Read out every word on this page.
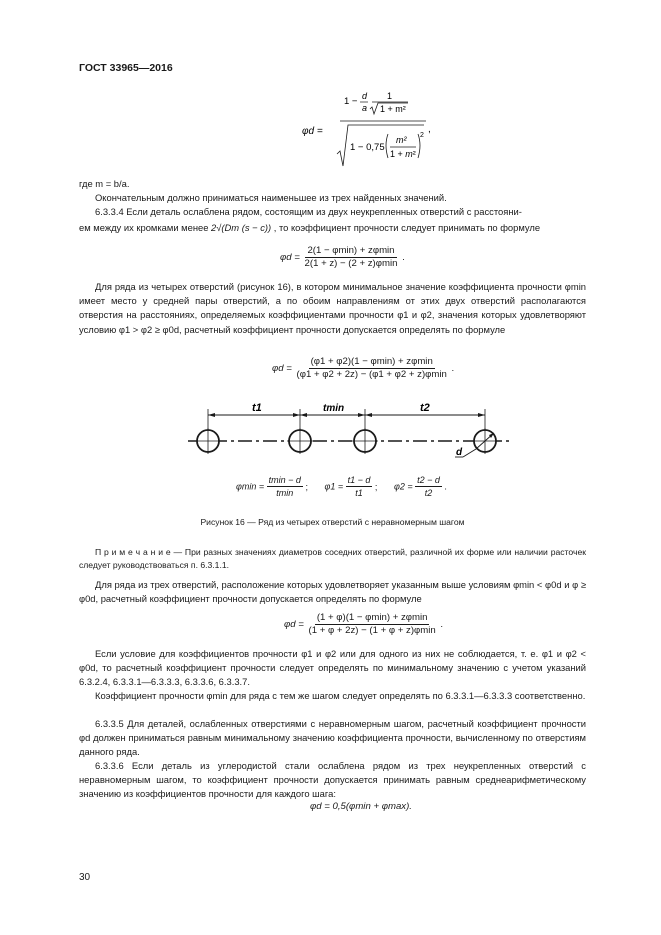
ГОСТ 33965—2016
φd =
1 − d
a
1
1 + m²
1 − 0,75
m²
1 + m²
2
,
где m = b/a.
Окончательным должно приниматься наименьшее из трех найденных значений.
6.3.3.4 Если деталь ослаблена рядом, состоящим из двух неукрепленных отверстий с расстояни-
ем между их кромками менее 2√(Dm (s − c)) , то коэффициент прочности следует принимать по формуле
$\varphi d = \frac{2(1 - \varphi\min) + z\varphi\min}{2(1 + z) - (2 + z)\varphi\min}$ .
Для ряда из четырех отверстий (рисунок 16), в котором минимальное значение коэффициента прочности φmin имеет место у средней пары отверстий, а по обоим направлениям от этих двух отверстий располагаются отверстия на расстояниях, определяемых коэффициентами прочности φ1 и φ2, значения которых удовлетворяют условию φ1 > φ2 ≥ φ0d, расчетный коэффициент прочности допускается определять по формуле
$\varphi d = \frac{(\varphi 1 + \varphi 2)(1 - \varphi\min) + z\varphi\min}{(\varphi 1 + \varphi 2 + 2z) - (\varphi 1 + \varphi 2 + z)\varphi\min}$ .
t1	tmin	t2
d
$\varphi\min = \frac{tmin - d}{tmin}$ ; $\varphi 1 = \frac{t1 - d}{t1}$ ; $\varphi 2 = \frac{t2 - d}{t2}$ .
Рисунок 16 — Ряд из четырех отверстий с неравномерным шагом
П р и м е ч а н и е — При разных значениях диаметров соседних отверстий, различной их форме или наличии расточек следует руководствоваться п. 6.3.1.1.
Для ряда из трех отверстий, расположение которых удовлетворяет указанным выше условиям φmin < φ0d и φ ≥ φ0d, расчетный коэффициент прочности допускается определять по формуле
$\varphi d = \frac{(1 + \varphi)(1 - \varphi\min) + z\varphi\min}{(1 + \varphi + 2z) - (1 + \varphi + z)\varphi\min}$ .
Если условие для коэффициентов прочности φ1 и φ2 или для одного из них не соблюдается, т. е. φ1 и φ2 < φ0d, то расчетный коэффициент прочности следует определять по минимальному значению с учетом указаний 6.3.2.4, 6.3.3.1—6.3.3.3, 6.3.3.6, 6.3.3.7.
Коэффициент прочности φmin для ряда с тем же шагом следует определять по 6.3.3.1—6.3.3.3 соответственно.
6.3.3.5 Для деталей, ослабленных отверстиями с неравномерным шагом, расчетный коэффициент прочности φd должен приниматься равным минимальному значению коэффициента прочности, вычисленному по отверстиям данного ряда.
6.3.3.6 Если деталь из углеродистой стали ослаблена рядом из трех неукрепленных отверстий с неравномерным шагом, то коэффициент прочности допускается принимать равным среднеарифметическому значению из коэффициентов прочности для каждого шага:
φd = 0,5(φmin + φmax).
30
